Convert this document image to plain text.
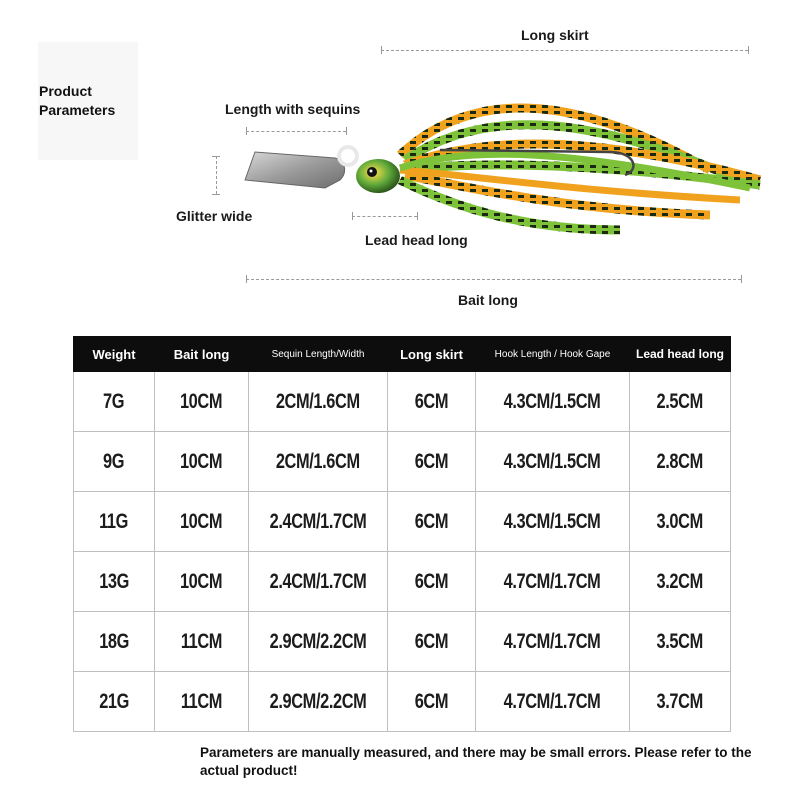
Product
Parameters
Long skirt
Length with sequins
Glitter wide
Lead head long
Bait long
Weight	Bait long	Sequin Length/Width	Long skirt	Hook Length / Hook Gape	Lead head long
7G	10CM	2CM/1.6CM	6CM	4.3CM/1.5CM	2.5CM
9G	10CM	2CM/1.6CM	6CM	4.3CM/1.5CM	2.8CM
11G	10CM	2.4CM/1.7CM	6CM	4.3CM/1.5CM	3.0CM
13G	10CM	2.4CM/1.7CM	6CM	4.7CM/1.7CM	3.2CM
18G	11CM	2.9CM/2.2CM	6CM	4.7CM/1.7CM	3.5CM
21G	11CM	2.9CM/2.2CM	6CM	4.7CM/1.7CM	3.7CM
Parameters are manually measured, and there may be small errors. Please refer to the actual product!
